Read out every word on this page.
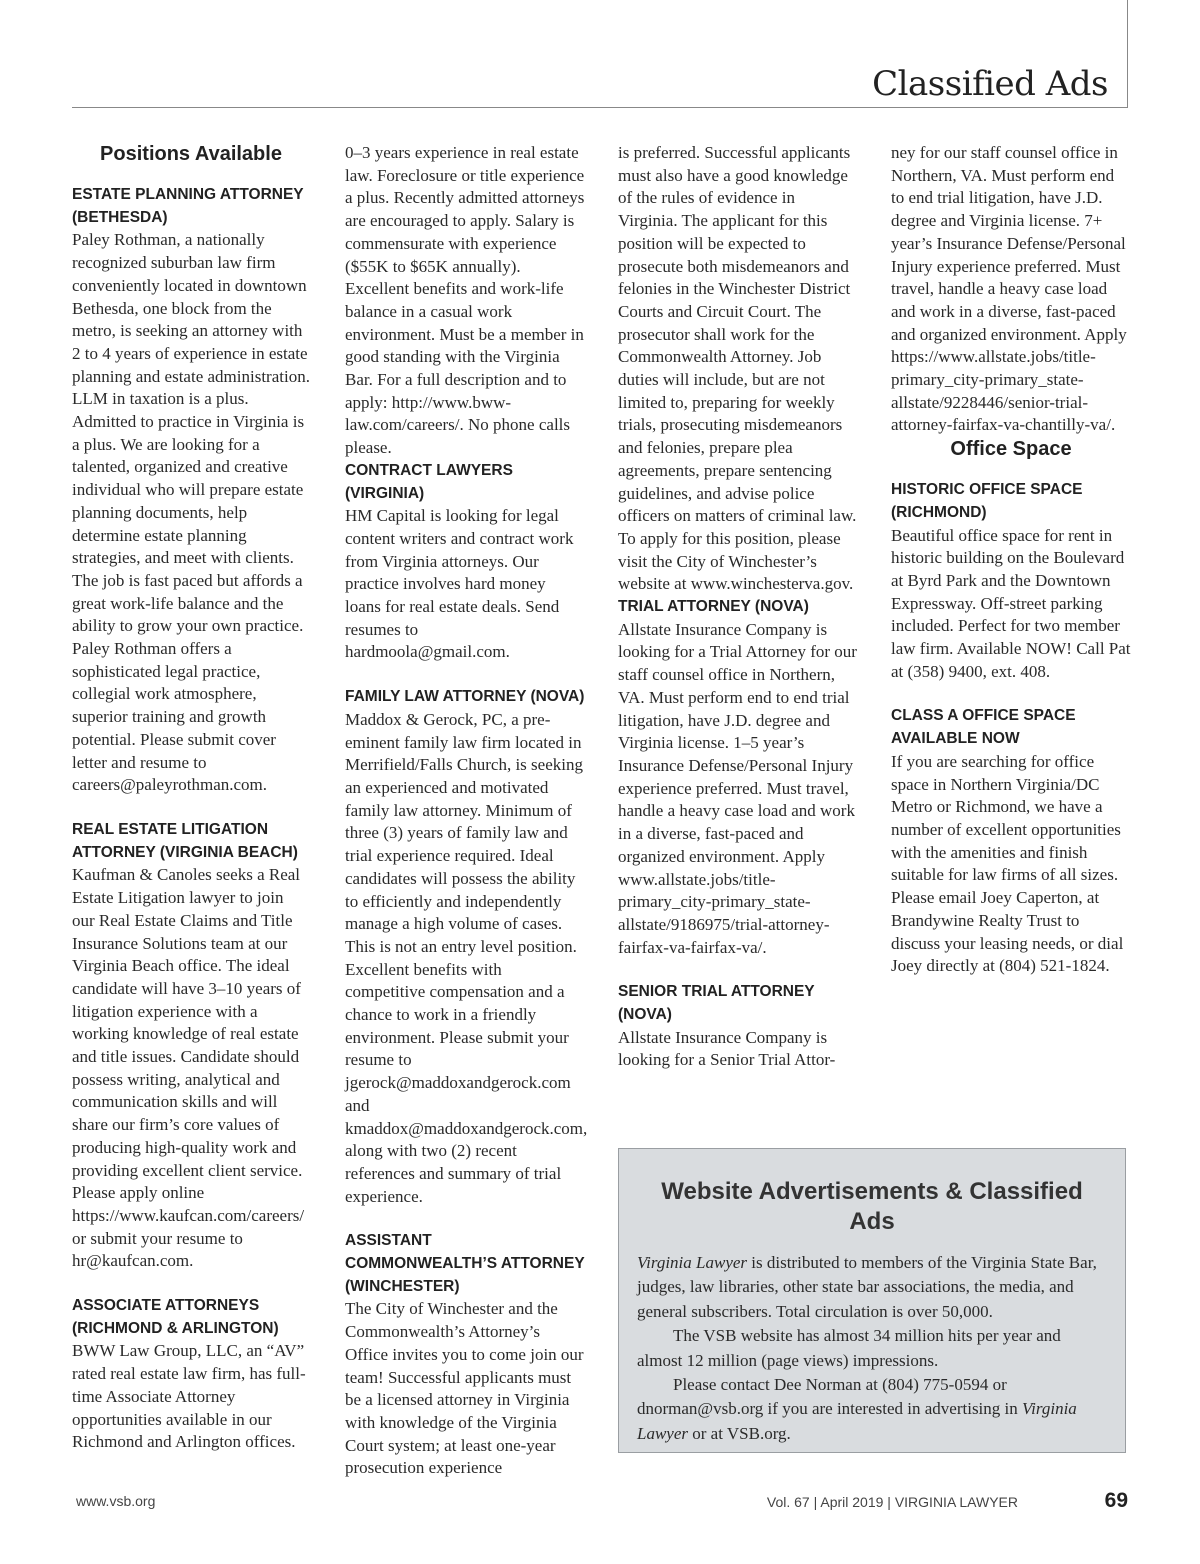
Classified Ads
Positions Available
ESTATE PLANNING ATTORNEY (BETHESDA)

Paley Rothman, a nationally recognized suburban law firm conveniently located in downtown Bethesda, one block from the metro, is seeking an attorney with 2 to 4 years of experience in estate planning and estate administration. LLM in taxation is a plus. Admitted to practice in Virginia is a plus. We are looking for a talented, organized and creative individual who will prepare estate planning documents, help determine estate planning strategies, and meet with clients. The job is fast paced but affords a great work-life balance and the ability to grow your own practice. Paley Rothman offers a sophisticated legal practice, collegial work atmosphere, superior training and growth potential. Please submit cover letter and resume to careers@paleyrothman.com.

REAL ESTATE LITIGATION ATTORNEY (VIRGINIA BEACH)

Kaufman & Canoles seeks a Real Estate Litigation lawyer to join our Real Estate Claims and Title Insurance Solutions team at our Virginia Beach office. The ideal candidate will have 3–10 years of litigation experience with a working knowledge of real estate and title issues. Candidate should possess writing, analytical and communication skills and will share our firm’s core values of producing high-quality work and providing excellent client service. Please apply online https://www.kaufcan.com/careers/ or submit your resume to hr@kaufcan.com.

ASSOCIATE ATTORNEYS (RICHMOND & ARLINGTON)

BWW Law Group, LLC, an “AV” rated real estate law firm, has full-time Associate Attorney opportunities available in our Richmond and Arlington offices.

0–3 years experience in real estate law. Foreclosure or title experience a plus. Recently admitted attorneys are encouraged to apply. Salary is commensurate with experience ($55K to $65K annually). Excellent benefits and work-life balance in a casual work environment. Must be a member in good standing with the Virginia Bar. For a full description and to apply: http://www.bww-law.com/careers/. No phone calls please.

CONTRACT LAWYERS (VIRGINIA)

HM Capital is looking for legal content writers and contract work from Virginia attorneys. Our practice involves hard money loans for real estate deals. Send resumes to hardmoola@gmail.com.

FAMILY LAW ATTORNEY (NOVA)

Maddox & Gerock, PC, a pre-eminent family law firm located in Merrifield/Falls Church, is seeking an experienced and motivated family law attorney. Minimum of three (3) years of family law and trial experience required. Ideal candidates will possess the ability to efficiently and independently manage a high volume of cases. This is not an entry level position. Excellent benefits with competitive compensation and a chance to work in a friendly environment. Please submit your resume to jgerock@maddoxandgerock.com and kmaddox@maddoxandgerock.com, along with two (2) recent references and summary of trial experience.

ASSISTANT COMMONWEALTH’S ATTORNEY (WINCHESTER)

The City of Winchester and the Commonwealth’s Attorney’s Office invites you to come join our team! Successful applicants must be a licensed attorney in Virginia with knowledge of the Virginia Court system; at least one-year prosecution experience

is preferred. Successful applicants must also have a good knowledge of the rules of evidence in Virginia. The applicant for this position will be expected to prosecute both misdemeanors and felonies in the Winchester District Courts and Circuit Court. The prosecutor shall work for the Commonwealth Attorney. Job duties will include, but are not limited to, preparing for weekly trials, prosecuting misdemeanors and felonies, prepare plea agreements, prepare sentencing guidelines, and advise police officers on matters of criminal law. To apply for this position, please visit the City of Winchester’s website at www.winchesterva.gov.

TRIAL ATTORNEY (NOVA)

Allstate Insurance Company is looking for a Trial Attorney for our staff counsel office in Northern, VA. Must perform end to end trial litigation, have J.D. degree and Virginia license. 1–5 year’s Insurance Defense/Personal Injury experience preferred. Must travel, handle a heavy case load and work in a diverse, fast-paced and organized environment. Apply www.allstate.jobs/title-primary_city-primary_state-allstate/9186975/trial-attorney-fairfax-va-fairfax-va/.

SENIOR TRIAL ATTORNEY (NOVA)

Allstate Insurance Company is looking for a Senior Trial Attor-

ney for our staff counsel office in Northern, VA. Must perform end to end trial litigation, have J.D. degree and Virginia license. 7+ year’s Insurance Defense/Personal Injury experience preferred. Must travel, handle a heavy case load and work in a diverse, fast-paced and organized environment. Apply https://www.allstate.jobs/title-primary_city-primary_state-allstate/9228446/senior-trial-attorney-fairfax-va-chantilly-va/.

Office Space
HISTORIC OFFICE SPACE (RICHMOND)

Beautiful office space for rent in historic building on the Boulevard at Byrd Park and the Downtown Expressway. Off-street parking included. Perfect for two member law firm. Available NOW! Call Pat at (358) 9400, ext. 408.

CLASS A OFFICE SPACE AVAILABLE NOW

If you are searching for office space in Northern Virginia/DC Metro or Richmond, we have a number of excellent opportunities with the amenities and finish suitable for law firms of all sizes. Please email Joey Caperton, at Brandywine Realty Trust to discuss your leasing needs, or dial Joey directly at (804) 521-1824.

Website Advertisements & Classified Ads

Virginia Lawyer is distributed to members of the Virginia State Bar, judges, law libraries, other state bar associations, the media, and general subscribers. Total circulation is over 50,000.

The VSB website has almost 34 million hits per year and almost 12 million (page views) impressions.

Please contact Dee Norman at (804) 775-0594 or dnorman@vsb.org if you are interested in advertising in Virginia Lawyer or at VSB.org.

www.vsb.org	Vol. 67 | April 2019 | VIRGINIA LAWYER	69
